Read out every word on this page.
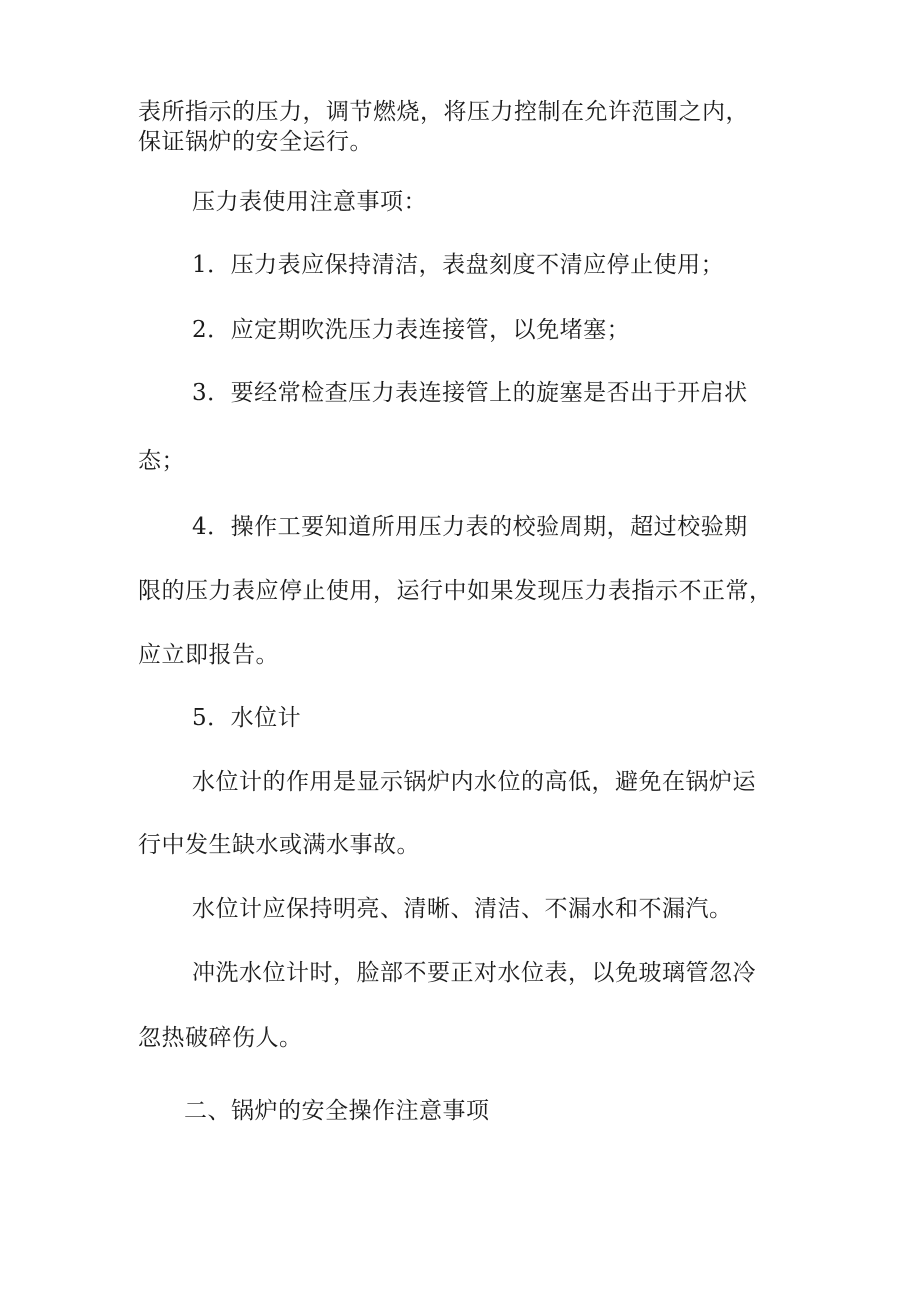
表所指示的压力，调节燃烧，将压力控制在允许范围之内，
保证锅炉的安全运行。
压力表使用注意事项：
1．压力表应保持清洁，表盘刻度不清应停止使用；
2．应定期吹洗压力表连接管，以免堵塞；
3．要经常检查压力表连接管上的旋塞是否出于开启状
态；
4．操作工要知道所用压力表的校验周期，超过校验期
限的压力表应停止使用，运行中如果发现压力表指示不正常，
应立即报告。
5．水位计
水位计的作用是显示锅炉内水位的高低，避免在锅炉运
行中发生缺水或满水事故。
水位计应保持明亮、清晰、清洁、不漏水和不漏汽。
冲洗水位计时，脸部不要正对水位表，以免玻璃管忽冷
忽热破碎伤人。
二、锅炉的安全操作注意事项
